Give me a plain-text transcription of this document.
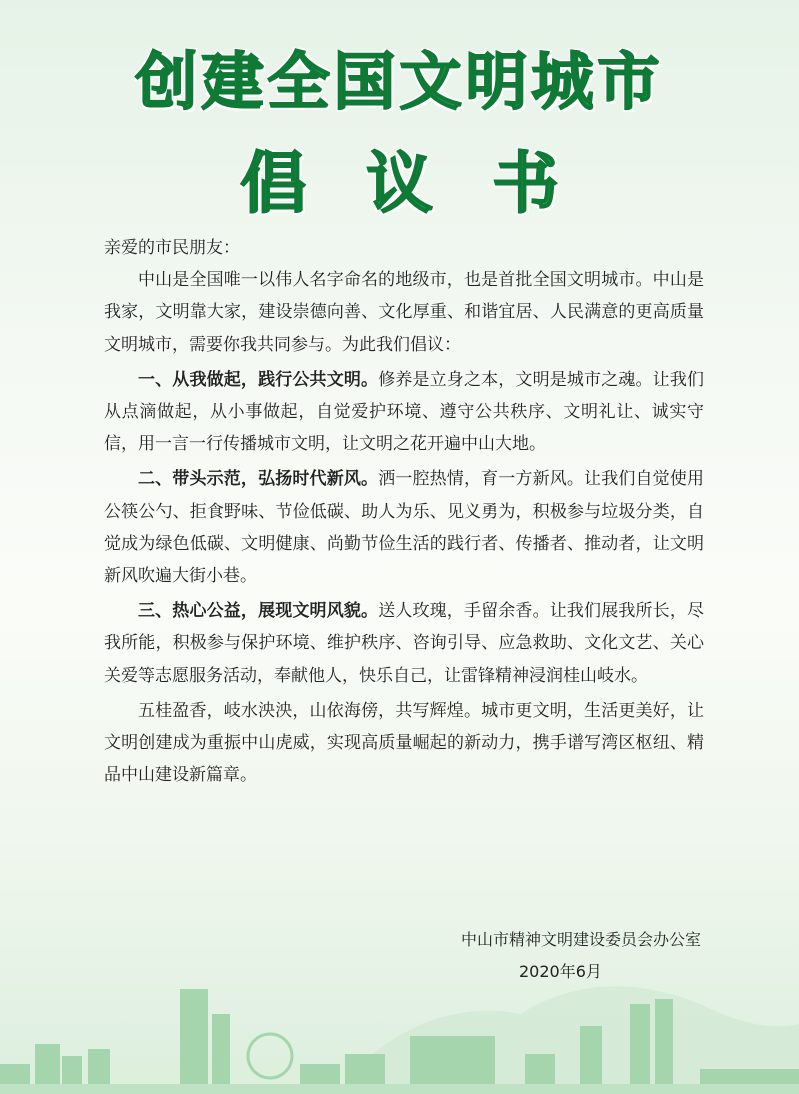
创建全国文明城市
倡议书

亲爱的市民朋友：

中山是全国唯一以伟人名字命名的地级市，也是首批全国文明城市。中山是我家，文明靠大家，建设崇德向善、文化厚重、和谐宜居、人民满意的更高质量文明城市，需要你我共同参与。为此我们倡议：

一、从我做起，践行公共文明。修养是立身之本，文明是城市之魂。让我们从点滴做起，从小事做起，自觉爱护环境、遵守公共秩序、文明礼让、诚实守信，用一言一行传播城市文明，让文明之花开遍中山大地。

二、带头示范，弘扬时代新风。洒一腔热情，育一方新风。让我们自觉使用公筷公勺、拒食野味、节俭低碳、助人为乐、见义勇为，积极参与垃圾分类，自觉成为绿色低碳、文明健康、尚勤节俭生活的践行者、传播者、推动者，让文明新风吹遍大街小巷。

三、热心公益，展现文明风貌。送人玫瑰，手留余香。让我们展我所长，尽我所能，积极参与保护环境、维护秩序、咨询引导、应急救助、文化文艺、关心关爱等志愿服务活动，奉献他人，快乐自己，让雷锋精神浸润桂山岐水。

五桂盈香，岐水泱泱，山依海傍，共写辉煌。城市更文明，生活更美好，让文明创建成为重振中山虎威，实现高质量崛起的新动力，携手谱写湾区枢纽、精品中山建设新篇章。

中山市精神文明建设委员会办公室
2020年6月
